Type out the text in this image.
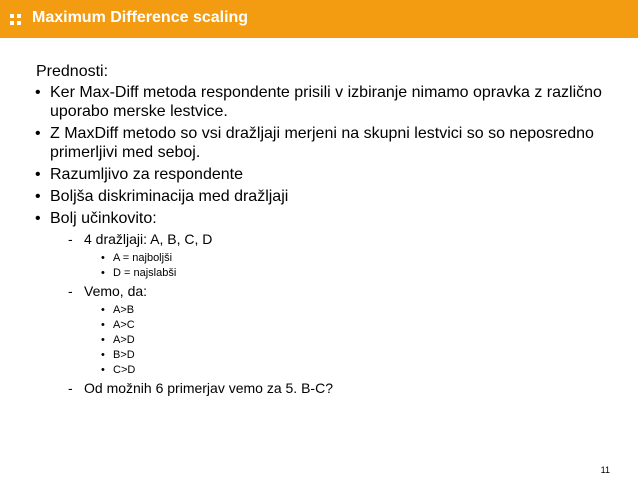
Maximum Difference scaling
Prednosti:
• Ker Max-Diff metoda respondente prisili v izbiranje nimamo opravka z različno uporabo merske lestvice.
• Z MaxDiff metodo so vsi dražljaji merjeni na skupni lestvici so so neposredno primerljivi med seboj.
• Razumljivo za respondente
• Boljša diskriminacija med dražljaji
• Bolj učinkovito:
- 4 dražljaji: A, B, C, D
• A = najboljši
• D = najslabši
- Vemo, da:
• A>B
• A>C
• A>D
• B>D
• C>D
- Od možnih 6 primerjav vemo za 5. B-C?
11
